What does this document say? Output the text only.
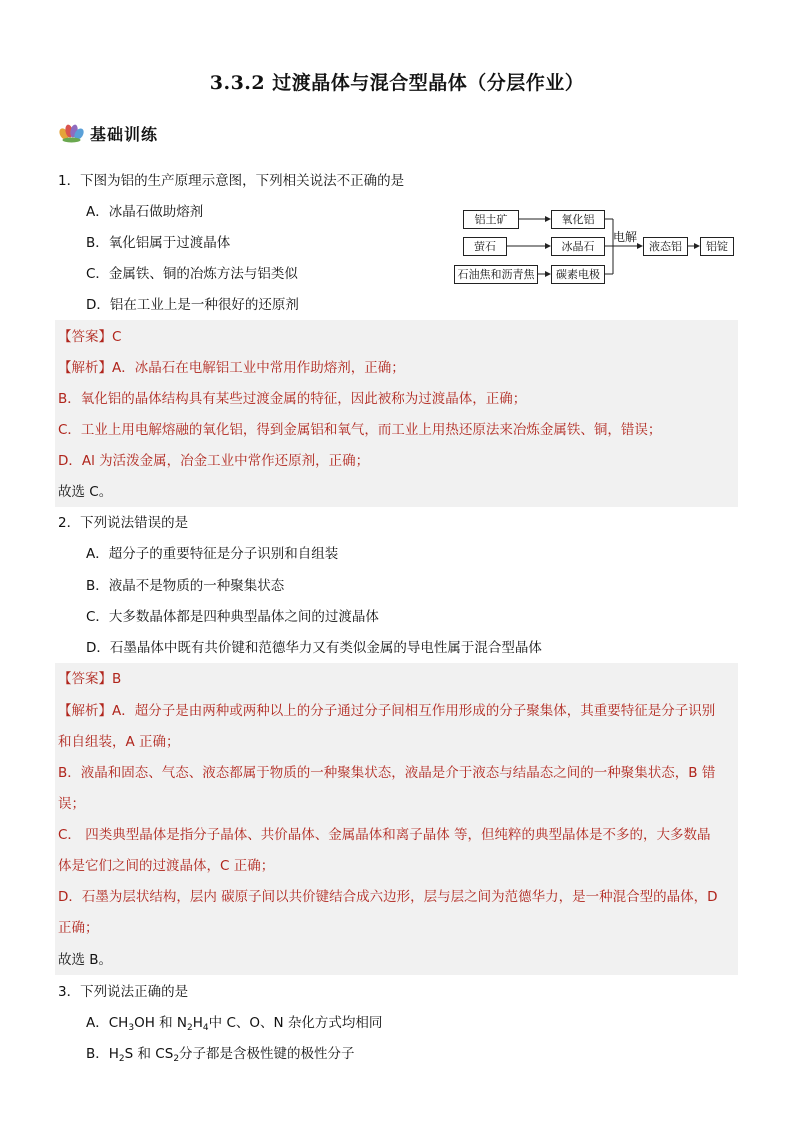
3.3.2 过渡晶体与混合型晶体（分层作业）
基础训练
1．下图为铝的生产原理示意图，下列相关说法不正确的是
A．冰晶石做助熔剂
B．氧化铝属于过渡晶体
C．金属铁、铜的冶炼方法与铝类似
D．铝在工业上是一种很好的还原剂
铝土矿
萤石
石油焦和沥青焦
氧化铝
冰晶石
碳素电极
电解
液态铝	铝锭
【答案】C
【解析】A．冰晶石在电解铝工业中常用作助熔剂，正确；
B．氧化铝的晶体结构具有某些过渡金属的特征，因此被称为过渡晶体，正确；
C．工业上用电解熔融的氧化铝，得到金属铝和氧气，而工业上用热还原法来冶炼金属铁、铜，错误；
D．Al 为活泼金属，冶金工业中常作还原剂，正确；
故选 C。
2．下列说法错误的是
A．超分子的重要特征是分子识别和自组装
B．液晶不是物质的一种聚集状态
C．大多数晶体都是四种典型晶体之间的过渡晶体
D．石墨晶体中既有共价键和范德华力又有类似金属的导电性属于混合型晶体
【答案】B
【解析】A．超分子是由两种或两种以上的分子通过分子间相互作用形成的分子聚集体，其重要特征是分子识别
和自组装，A 正确；
B．液晶和固态、气态、液态都属于物质的一种聚集状态，液晶是介于液态与结晶态之间的一种聚集状态，B 错
误；
C． 四类典型晶体是指分子晶体、共价晶体、金属晶体和离子晶体 等，但纯粹的典型晶体是不多的，大多数晶
体是它们之间的过渡晶体，C 正确；
D．石墨为层状结构，层内 碳原子间以共价键结合成六边形，层与层之间为范德华力，是一种混合型的晶体，D
正确；
故选 B。
3．下列说法正确的是
A．$CH_3OH$ 和 $N_2H_4$中 C、O、N 杂化方式均相同
B．$H_2S$ 和 $CS_2$分子都是含极性键的极性分子
